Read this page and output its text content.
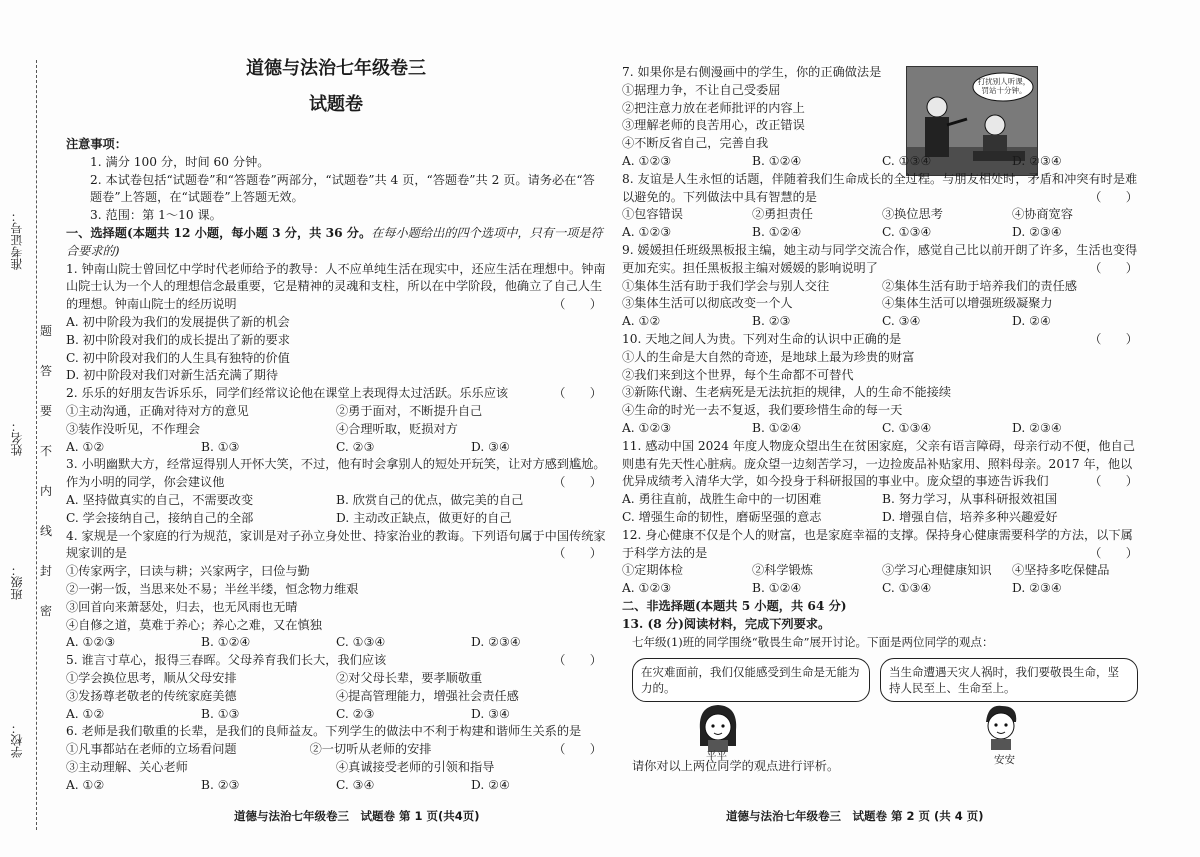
准考证号：
姓名：
班级：
学校：
题
答
要
不
内
线
封
密
道德与法治七年级卷三
试题卷

注意事项：

1. 满分 100 分，时间 60 分钟。

2. 本试卷包括“试题卷”和“答题卷”两部分，“试题卷”共 4 页，“答题卷”共 2 页。请务必在“答题卷”上答题，在“试题卷”上答题无效。

3. 范围：第 1～10 课。

一、选择题(本题共 12 小题，每小题 3 分，共 36 分。在每小题给出的四个选项中，只有一项是符合要求的)

1. 钟南山院士曾回忆中学时代老师给予的教导：人不应单纯生活在现实中，还应生活在理想中。钟南山院士认为一个人的理想信念最重要，它是精神的灵魂和支柱，所以在中学阶段，他确立了自己人生的理想。钟南山院士的经历说明	（　　）

A. 初中阶段为我们的发展提供了新的机会

B. 初中阶段对我们的成长提出了新的要求

C. 初中阶段对我们的人生具有独特的价值

D. 初中阶段对我们对新生活充满了期待

2. 乐乐的好朋友告诉乐乐，同学们经常议论他在课堂上表现得太过活跃。乐乐应该	（　　）

①主动沟通，正确对待对方的意见	②勇于面对，不断提升自己
③装作没听见，不作理会	④合理听取，贬损对方
A. ①②	B. ①③	C. ②③	D. ③④

3. 小明幽默大方，经常逗得别人开怀大笑，不过，他有时会拿别人的短处开玩笑，让对方感到尴尬。作为小明的同学，你会建议他	（　　）

A. 坚持做真实的自己，不需要改变	B. 欣赏自己的优点，做完美的自己
C. 学会接纳自己，接纳自己的全部	D. 主动改正缺点，做更好的自己

4. 家规是一个家庭的行为规范，家训是对子孙立身处世、持家治业的教诲。下列语句属于中国传统家规家训的是	（　　）

①传家两字，曰读与耕；兴家两字，曰俭与勤

②一粥一饭，当思来处不易；半丝半缕，恒念物力维艰

③回首向来萧瑟处，归去，也无风雨也无晴

④自修之道，莫难于养心；养心之难，又在慎独

A. ①②③	B. ①②④	C. ①③④	D. ②③④

5. 谁言寸草心，报得三春晖。父母养育我们长大，我们应该	（　　）

①学会换位思考，顺从父母安排	②对父母长辈，要孝顺敬重
③发扬尊老敬老的传统家庭美德	④提高管理能力，增强社会责任感
A. ①②	B. ①③	C. ②③	D. ③④

6. 老师是我们敬重的长辈，是我们的良师益友。下列学生的做法中不利于构建和谐师生关系的是
（　　）

①凡事都站在老师的立场看问题	②一切听从老师的安排
③主动理解、关心老师	④真诚接受老师的引领和指导
A. ①②	B. ②③	C. ③④	D. ②④
道德与法治七年级卷三　试题卷 第 1 页(共4页)
打扰别人听课，罚站十分钟。

7. 如果你是右侧漫画中的学生，你的正确做法是

①据理力争，不让自己受委屈

②把注意力放在老师批评的内容上

③理解老师的良苦用心，改正错误

④不断反省自己，完善自我

A. ①②③	B. ①②④	C. ①③④	D. ②③④

8. 友谊是人生永恒的话题，伴随着我们生命成长的全过程。与朋友相处时，矛盾和冲突有时是难以避免的。下列做法中具有智慧的是	（　　）

①包容错误	②勇担责任	③换位思考	④协商宽容
A. ①②③	B. ①②④	C. ①③④	D. ②③④

9. 媛媛担任班级黑板报主编，她主动与同学交流合作，感觉自己比以前开朗了许多，生活也变得更加充实。担任黑板报主编对媛媛的影响说明了	（　　）

①集体生活有助于我们学会与别人交往	②集体生活有助于培养我们的责任感
③集体生活可以彻底改变一个人	④集体生活可以增强班级凝聚力
A. ①②	B. ②③	C. ③④	D. ②④

10. 天地之间人为贵。下列对生命的认识中正确的是	（　　）

①人的生命是大自然的奇迹，是地球上最为珍贵的财富

②我们来到这个世界，每个生命都不可替代

③新陈代谢、生老病死是无法抗拒的规律，人的生命不能接续

④生命的时光一去不复返，我们要珍惜生命的每一天

A. ①②③	B. ①②④	C. ①③④	D. ②③④

11. 感动中国 2024 年度人物庞众望出生在贫困家庭，父亲有语言障碍，母亲行动不便，他自己则患有先天性心脏病。庞众望一边刻苦学习，一边捡废品补贴家用、照料母亲。2017 年，他以优异成绩考入清华大学，如今投身于科研报国的事业中。庞众望的事迹告诉我们	（　　）

A. 勇往直前，战胜生命中的一切困难	B. 努力学习，从事科研报效祖国
C. 增强生命的韧性，磨砺坚强的意志	D. 增强自信，培养多种兴趣爱好

12. 身心健康不仅是个人的财富，也是家庭幸福的支撑。保持身心健康需要科学的方法，以下属于科学方法的是	（　　）

①定期体检	②科学锻炼	③学习心理健康知识	④坚持多吃保健品
A. ①②③	B. ①②④	C. ①③④	D. ②③④

二、非选择题(本题共 5 小题，共 64 分)

13. (8 分)阅读材料，完成下列要求。

七年级(1)班的同学围绕“敬畏生命”展开讨论。下面是两位同学的观点：

在灾难面前，我们仅能感受到生命是无能为力的。
当生命遭遇天灾人祸时，我们要敬畏生命，坚持人民至上、生命至上。
平平	安安
请你对以上两位同学的观点进行评析。
道德与法治七年级卷三　试题卷 第 2 页 (共 4 页)
